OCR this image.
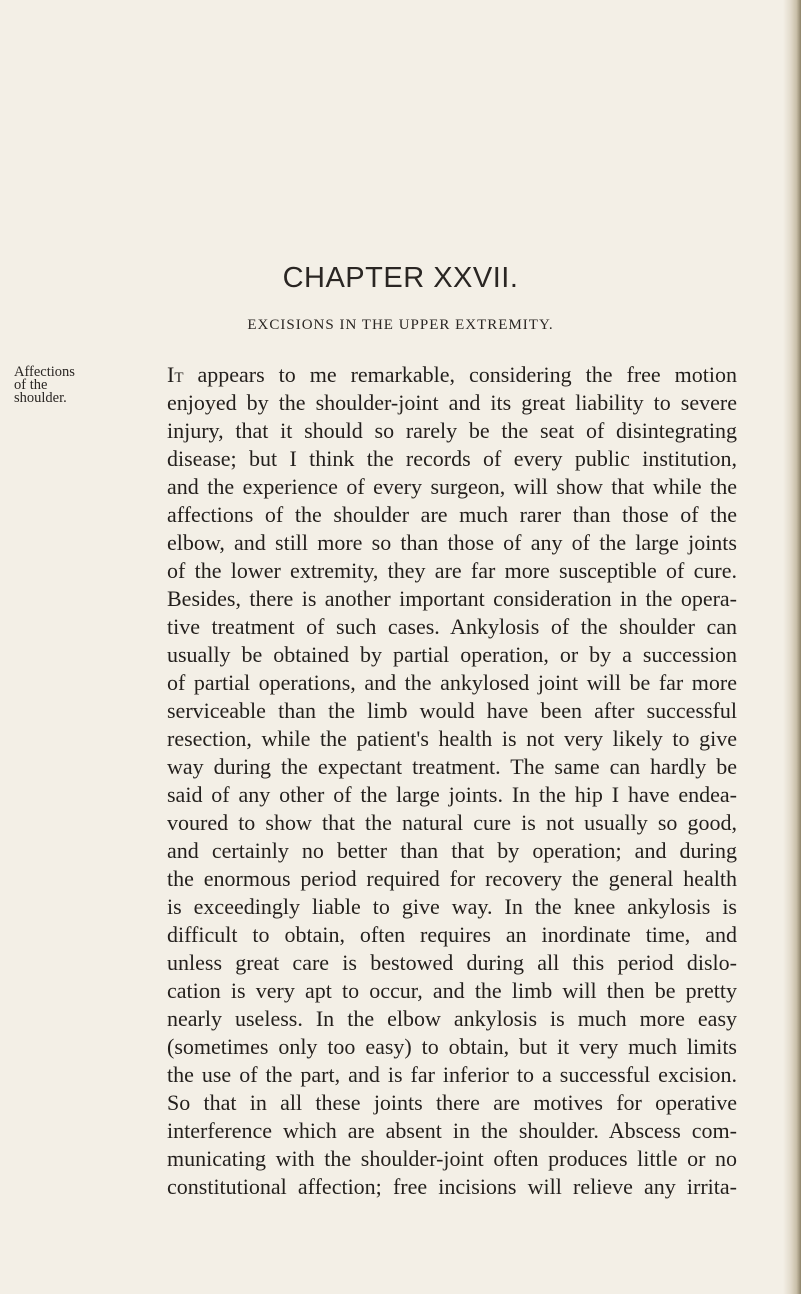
CHAPTER XXVII.
EXCISIONS IN THE UPPER EXTREMITY.
Affections
of the
shoulder.
It appears to me remarkable, considering the free motion
enjoyed by the shoulder-joint and its great liability to severe
injury, that it should so rarely be the seat of disintegrating
disease; but I think the records of every public institution,
and the experience of every surgeon, will show that while the
affections of the shoulder are much rarer than those of the
elbow, and still more so than those of any of the large joints
of the lower extremity, they are far more susceptible of cure.
Besides, there is another important consideration in the opera-
tive treatment of such cases. Ankylosis of the shoulder can
usually be obtained by partial operation, or by a succession
of partial operations, and the ankylosed joint will be far more
serviceable than the limb would have been after successful
resection, while the patient's health is not very likely to give
way during the expectant treatment. The same can hardly be
said of any other of the large joints. In the hip I have endea-
voured to show that the natural cure is not usually so good,
and certainly no better than that by operation; and during
the enormous period required for recovery the general health
is exceedingly liable to give way. In the knee ankylosis is
difficult to obtain, often requires an inordinate time, and
unless great care is bestowed during all this period dislo-
cation is very apt to occur, and the limb will then be pretty
nearly useless. In the elbow ankylosis is much more easy
(sometimes only too easy) to obtain, but it very much limits
the use of the part, and is far inferior to a successful excision.
So that in all these joints there are motives for operative
interference which are absent in the shoulder. Abscess com-
municating with the shoulder-joint often produces little or no
constitutional affection; free incisions will relieve any irrita-
